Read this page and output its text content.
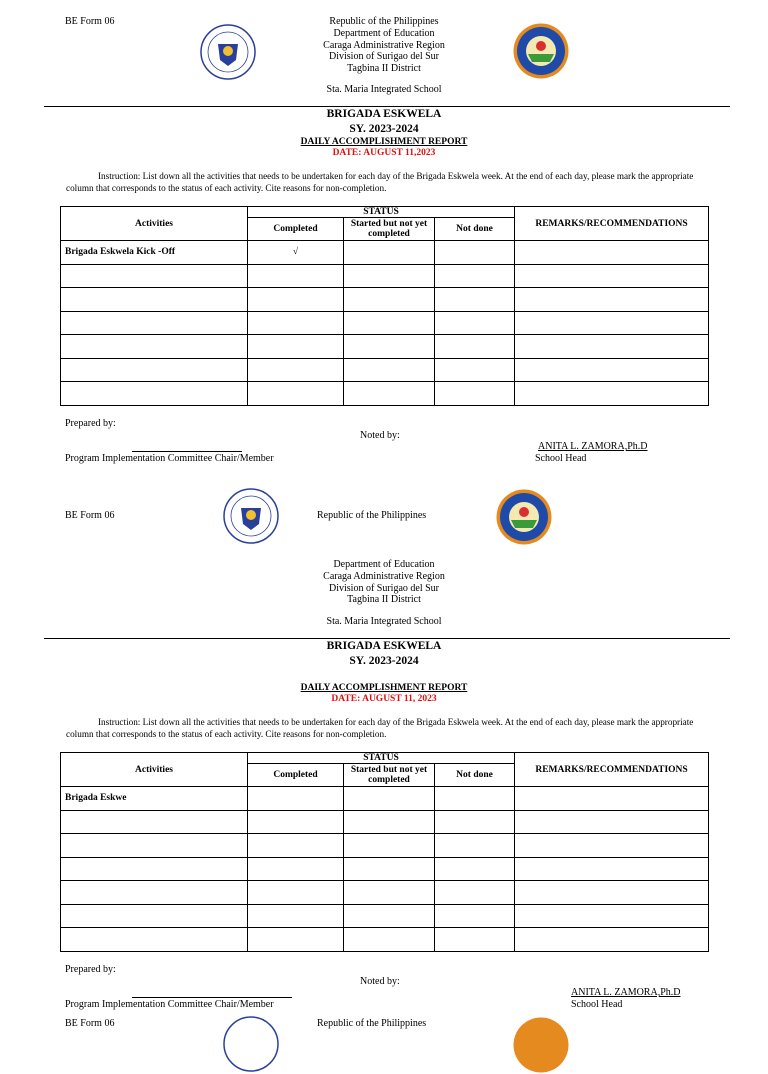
BE Form 06	Republic of the Philippines
Department of Education
Caraga Administrative Region
Division of Surigao del Sur
Tagbina II District
Sta. Maria Integrated School
BRIGADA ESKWELA
SY. 2023-2024
DAILY ACCOMPLISHMENT REPORT
DATE: AUGUST 11,2023
Instruction: List down all the activities that needs to be undertaken for each day of the Brigada Eskwela week. At the end of each day, please mark the appropriate column that corresponds to the status of each activity. Cite reasons for non-completion.
Activities	STATUS			REMARKS/RECOMMENDATIONS
	Completed	Started but not yet completed	Not done	
Brigada Eskwela Kick -Off	√			

Prepared by:
Noted by:
ANITA L. ZAMORA,Ph.D
Program Implementation Committee Chair/Member	School Head
BE Form 06	Republic of the Philippines
Department of Education
Caraga Administrative Region
Division of Surigao del Sur
Tagbina II District
Sta. Maria Integrated School
BRIGADA ESKWELA
SY. 2023-2024
DAILY ACCOMPLISHMENT REPORT
DATE: AUGUST 11, 2023
Instruction: List down all the activities that needs to be undertaken for each day of the Brigada Eskwela week. At the end of each day, please mark the appropriate column that corresponds to the status of each activity. Cite reasons for non-completion.
Activities	STATUS			REMARKS/RECOMMENDATIONS
	Completed	Started but not yet completed	Not done	
Brigada Eskwe				

Prepared by:
Noted by:
ANITA L. ZAMORA,Ph.D
Program Implementation Committee Chair/Member	School Head
BE Form 06	Republic of the Philippines
